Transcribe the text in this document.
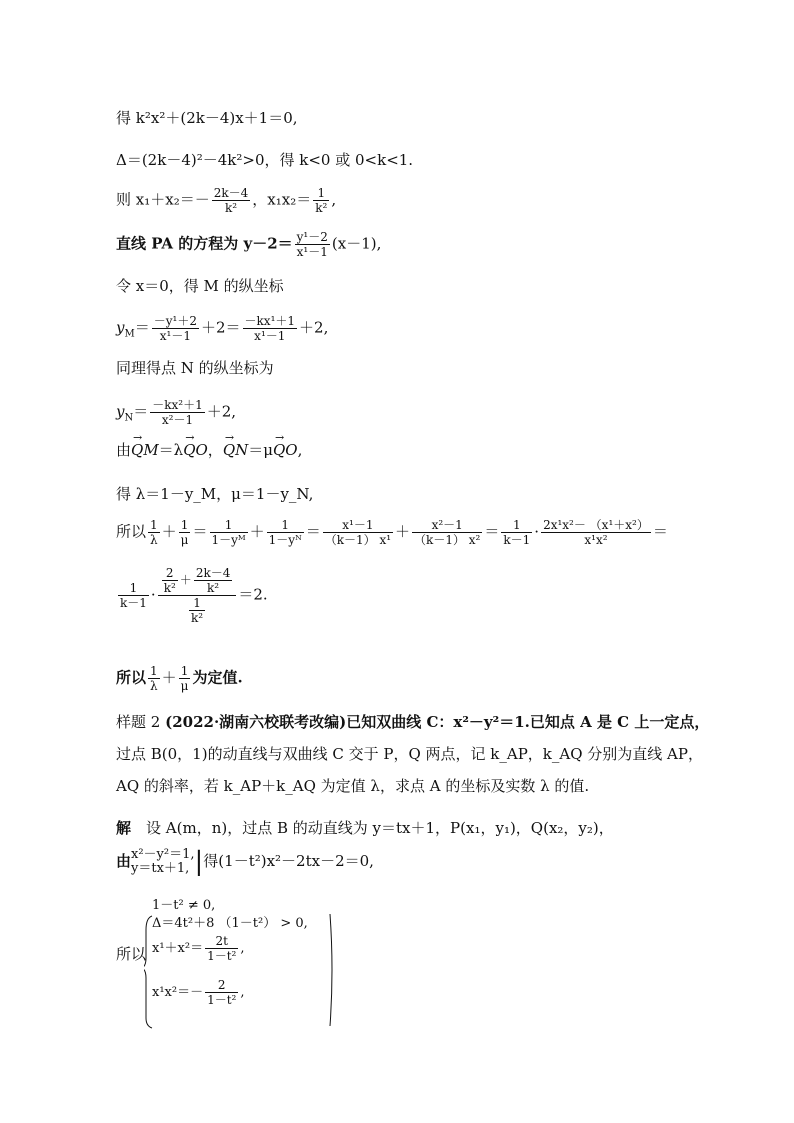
得 k²x²＋(2k－4)x＋1＝0,
Δ＝(2k－4)²－4k²>0，得 k<0 或 0<k<1.
则 $x_1+x_2=- \frac{2k-4}{\text{k²}}$ ，$x_1x_2= \frac{1}{\text{k²}}$ ,
直线 PA 的方程为 $y-2= \frac{\text{y¹－2}}{\text{x¹－1}} (x-1)$,
令 x＝0，得 M 的纵坐标
$y_M= \frac{\text{－y¹＋2}}{\text{x¹－1}} +2= \frac{\text{－kx¹＋1}}{\text{x¹－1}} +2$,
同理得点 N 的纵坐标为
$y_N= \frac{\text{－kx²＋1}}{\text{x²－1}} +2$,
由→ QM＝λ→ QO，→ QN＝μ→ QO,
得 λ＝1－y_M，μ＝1－y_N,
所以 $\frac{1}{\lambda} + \frac{1}{\mu} = \frac{1}{\text{1－yᴹ}} + \frac{1}{\text{1－yᴺ}} = \frac{\text{x¹－1}}{\text{（k－1） x¹}} + \frac{\text{x²－1}}{\text{（k－1） x²}} = \frac{1}{k-1} \cdot \frac{\text{2x¹x²－ （x¹＋x²）}}{\text{x¹x²}}$ ＝
$\frac{1}{k-1} \cdot \frac{\frac{2}{\text{k²}} + \frac{2k-4}{\text{k²}}}{\frac{1}{\text{k²}}} =2$.
所以 $\frac{1}{\lambda} + \frac{1}{\mu}$ 为定值.
样题 2 (2022·湖南六校联考改编)已知双曲线 C：x²－y²＝1.已知点 A 是 C 上一定点，
过点 B(0，1)的动直线与双曲线 C 交于 P，Q 两点，记 k_AP，k_AQ 分别为直线 AP，
AQ 的斜率，若 k_AP＋k_AQ 为定值 λ，求点 A 的坐标及实数 λ 的值.
解　 设 A(m，n)，过点 B 的动直线为 y＝tx＋1，P(x₁，y₁)，Q(x₂，y₂)，
由 x²－y²＝1,
y＝tx＋1, |得(1－t²)x²－2tx－2＝0,
1－t² ≠ 0,
Δ＝4t²＋8 （1－t²） > 0,
所以 $x^1+x^2= \frac{2t}{\text{1－t²}}$ ,
$x^1x^2=- \frac{2}{\text{1－t²}}$ ,
